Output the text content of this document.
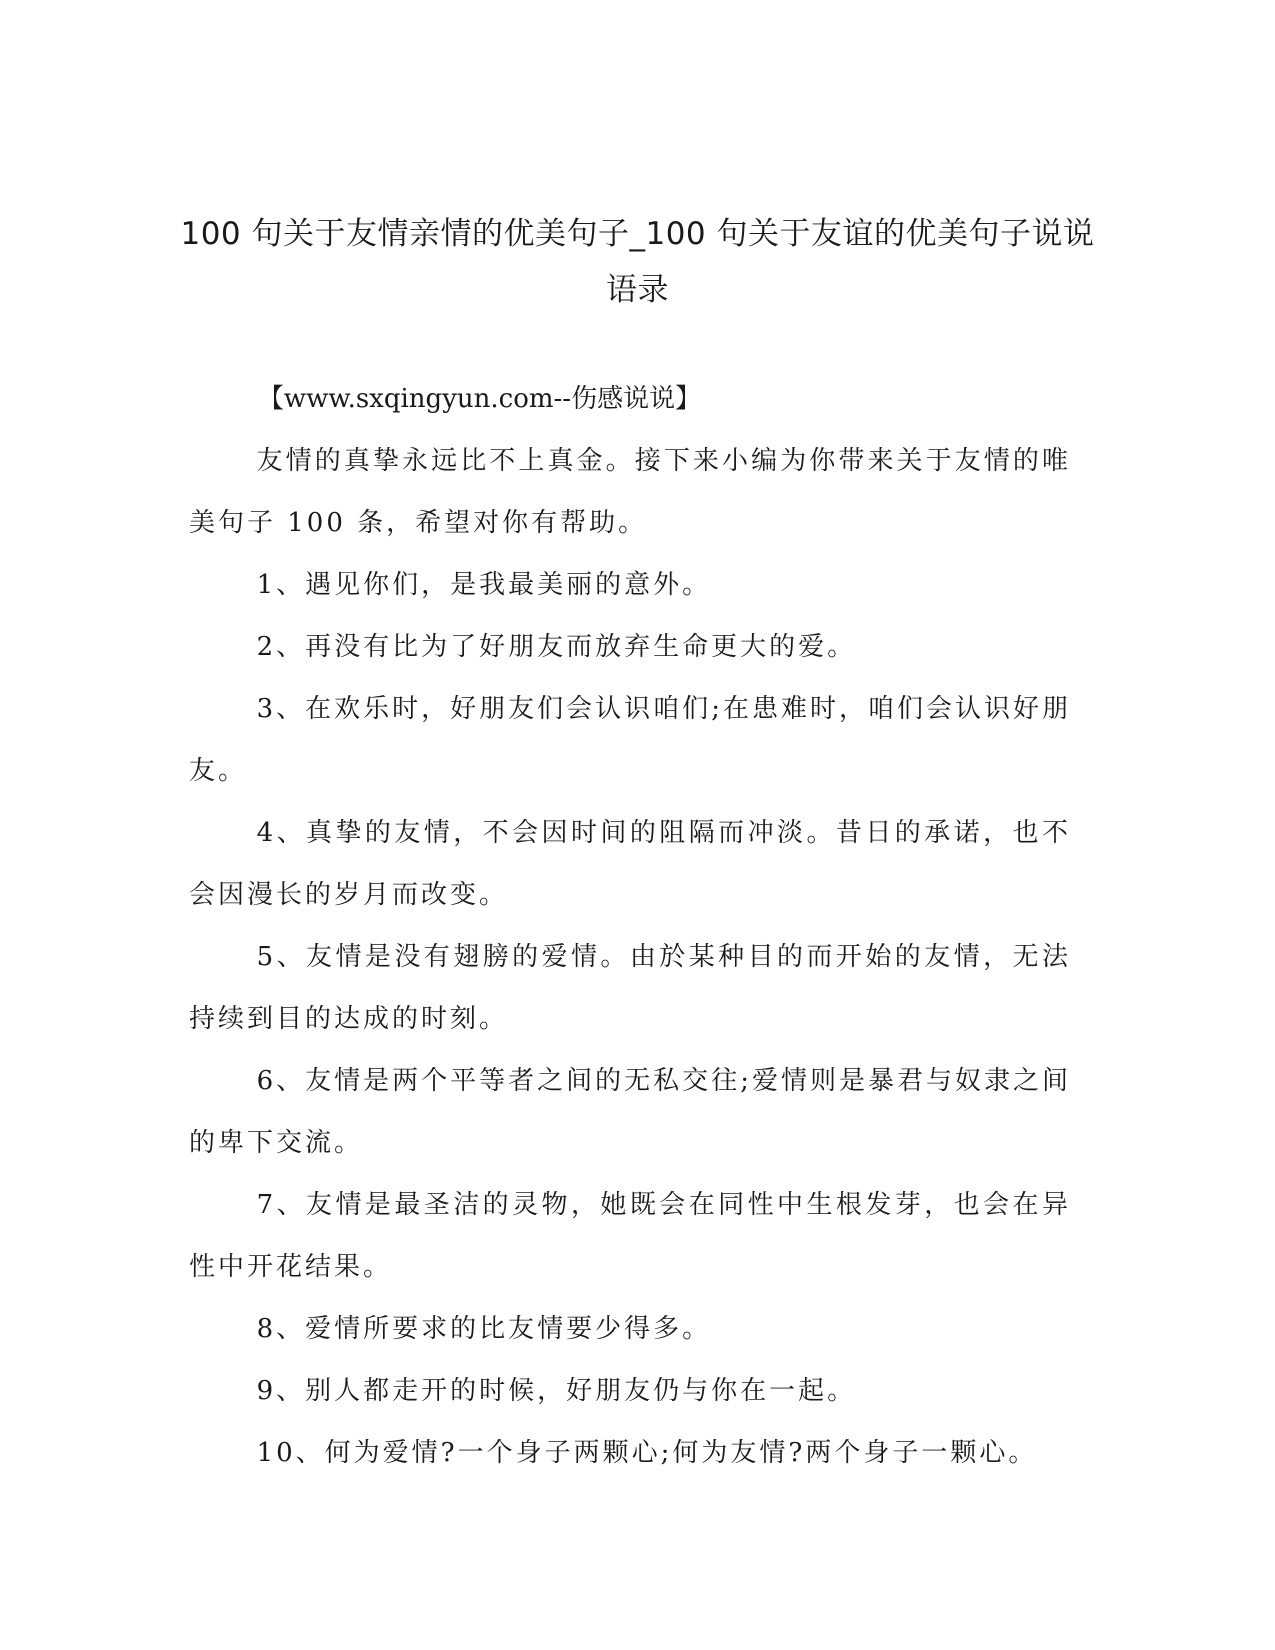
100 句关于友情亲情的优美句子_100 句关于友谊的优美句子说说语录

【www.sxqingyun.com--伤感说说】

友情的真挚永远比不上真金。接下来小编为你带来关于友情的唯美句子 100 条，希望对你有帮助。

1、遇见你们，是我最美丽的意外。

2、再没有比为了好朋友而放弃生命更大的爱。

3、在欢乐时，好朋友们会认识咱们;在患难时，咱们会认识好朋友。

4、真挚的友情，不会因时间的阻隔而冲淡。昔日的承诺，也不会因漫长的岁月而改变。

5、友情是没有翅膀的爱情。由於某种目的而开始的友情，无法持续到目的达成的时刻。

6、友情是两个平等者之间的无私交往;爱情则是暴君与奴隶之间的卑下交流。

7、友情是最圣洁的灵物，她既会在同性中生根发芽，也会在异性中开花结果。

8、爱情所要求的比友情要少得多。

9、别人都走开的时候，好朋友仍与你在一起。

10、何为爱情?一个身子两颗心;何为友情?两个身子一颗心。
